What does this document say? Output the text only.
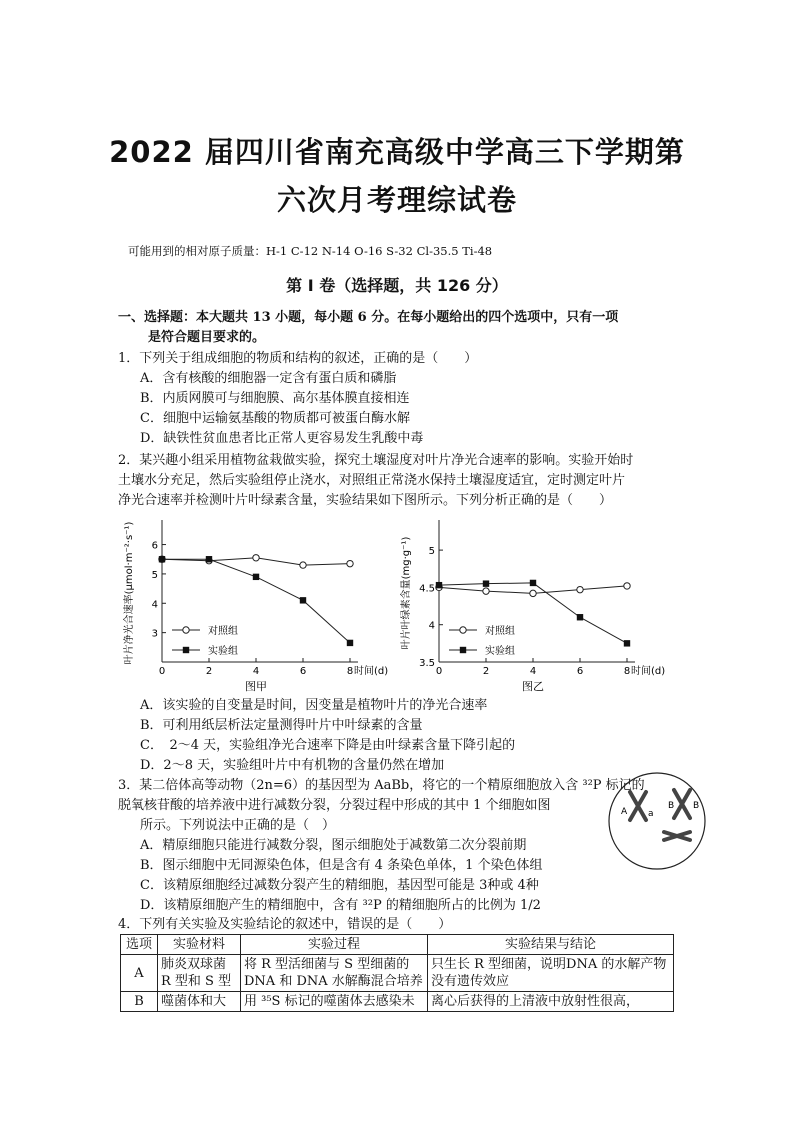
2022 届四川省南充高级中学高三下学期第
六次月考理综试卷
可能用到的相对原子质量：H-1 C-12 N-14 O-16 S-32 Cl-35.5 Ti-48
第 Ⅰ 卷（选择题，共 126 分）
一、选择题：本大题共 13 小题，每小题 6 分。在每小题给出的四个选项中，只有一项
是符合题目要求的。
1．下列关于组成细胞的物质和结构的叙述，正确的是（　　）
A．含有核酸的细胞器一定含有蛋白质和磷脂
B．内质网膜可与细胞膜、高尔基体膜直接相连
C．细胞中运输氨基酸的物质都可被蛋白酶水解
D．缺铁性贫血患者比正常人更容易发生乳酸中毒
2．某兴趣小组采用植物盆栽做实验，探究土壤湿度对叶片净光合速率的影响。实验开始时
土壤水分充足，然后实验组停止浇水，对照组正常浇水保持土壤湿度适宜，定时测定叶片
净光合速率并检测叶片叶绿素含量，实验结果如下图所示。下列分析正确的是（　　）
3
4
5
6
0	2	4	6	8 时间(d)
叶片净光合速率(μmol·m⁻²·s⁻¹)
图甲
对照组
实验组
3.5
4
4.5
5
0	2	4	6	8 时间(d)
叶片叶绿素含量(mg·g⁻¹)
图乙
对照组
实验组
A．该实验的自变量是时间，因变量是植物叶片的净光合速率
B．可利用纸层析法定量测得叶片中叶绿素的含量
C．　2～4 天，实验组净光合速率下降是由叶绿素含量下降引起的
D．2～8 天，实验组叶片中有机物的含量仍然在增加
3．某二倍体高等动物（2n=6）的基因型为 AaBb，将它的一个精原细胞放入含 ³²P 标记的
脱氧核苷酸的培养液中进行减数分裂，分裂过程中形成的其中 1 个细胞如图
所示。下列说法中正确的是（　）
A．精原细胞只能进行减数分裂，图示细胞处于减数第二次分裂前期
B．图示细胞中无同源染色体，但是含有 4 条染色单体，1 个染色体组
C．该精原细胞经过减数分裂产生的精细胞，基因型可能是 3种或 4种
D．该精原细胞产生的精细胞中，含有 ³²P 的精细胞所占的比例为 1/2
A a
B B
4．下列有关实验及实验结论的叙述中，错误的是（　　）
选项	实验材料	实验过程	实验结果与结论
A	肺炎双球菌 R 型和 S 型	将 R 型活细菌与 S 型细菌的 DNA 和 DNA 水解酶混合培养	只生长 R 型细菌，说明DNA 的水解产物没有遗传效应
B	噬菌体和大	用 ³⁵S 标记的噬菌体去感染未	离心后获得的上清液中放射性很高，
